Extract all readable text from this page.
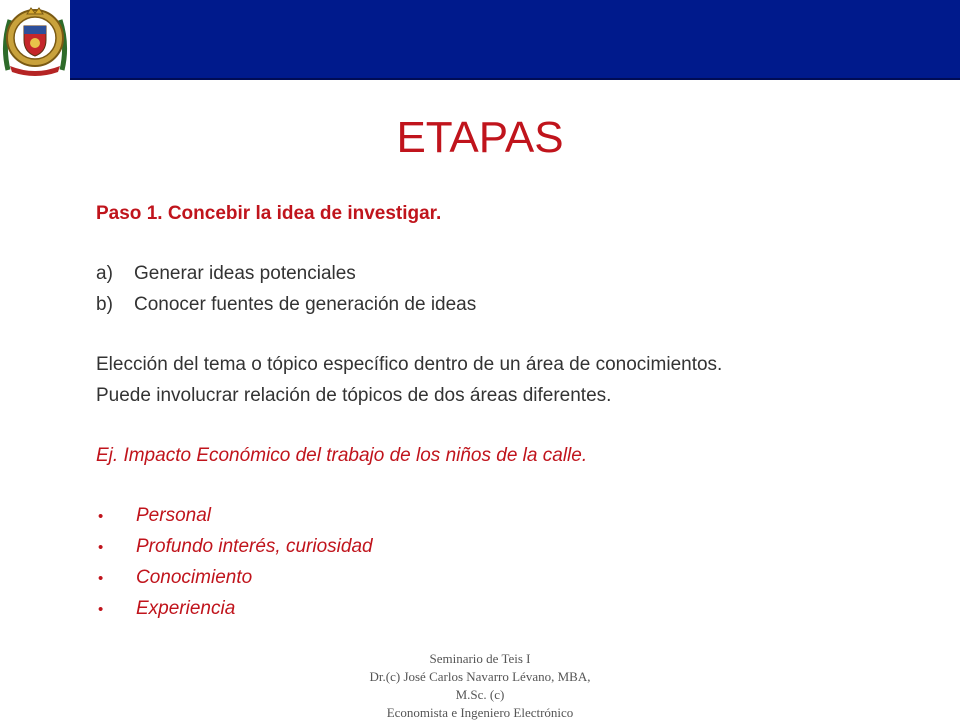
ETAPAS
Paso 1. Concebir la idea de investigar.
a) Generar ideas potenciales
b) Conocer fuentes de generación de ideas
Elección del tema o tópico específico dentro de un área de conocimientos.
Puede involucrar relación de tópicos de dos áreas diferentes.
Ej. Impacto Económico del trabajo de los niños de la calle.
• Personal
• Profundo interés, curiosidad
• Conocimiento
• Experiencia
Seminario de Teis I
Dr.(c) José Carlos Navarro Lévano, MBA,
M.Sc. (c)
Economista e Ingeniero Electrónico
